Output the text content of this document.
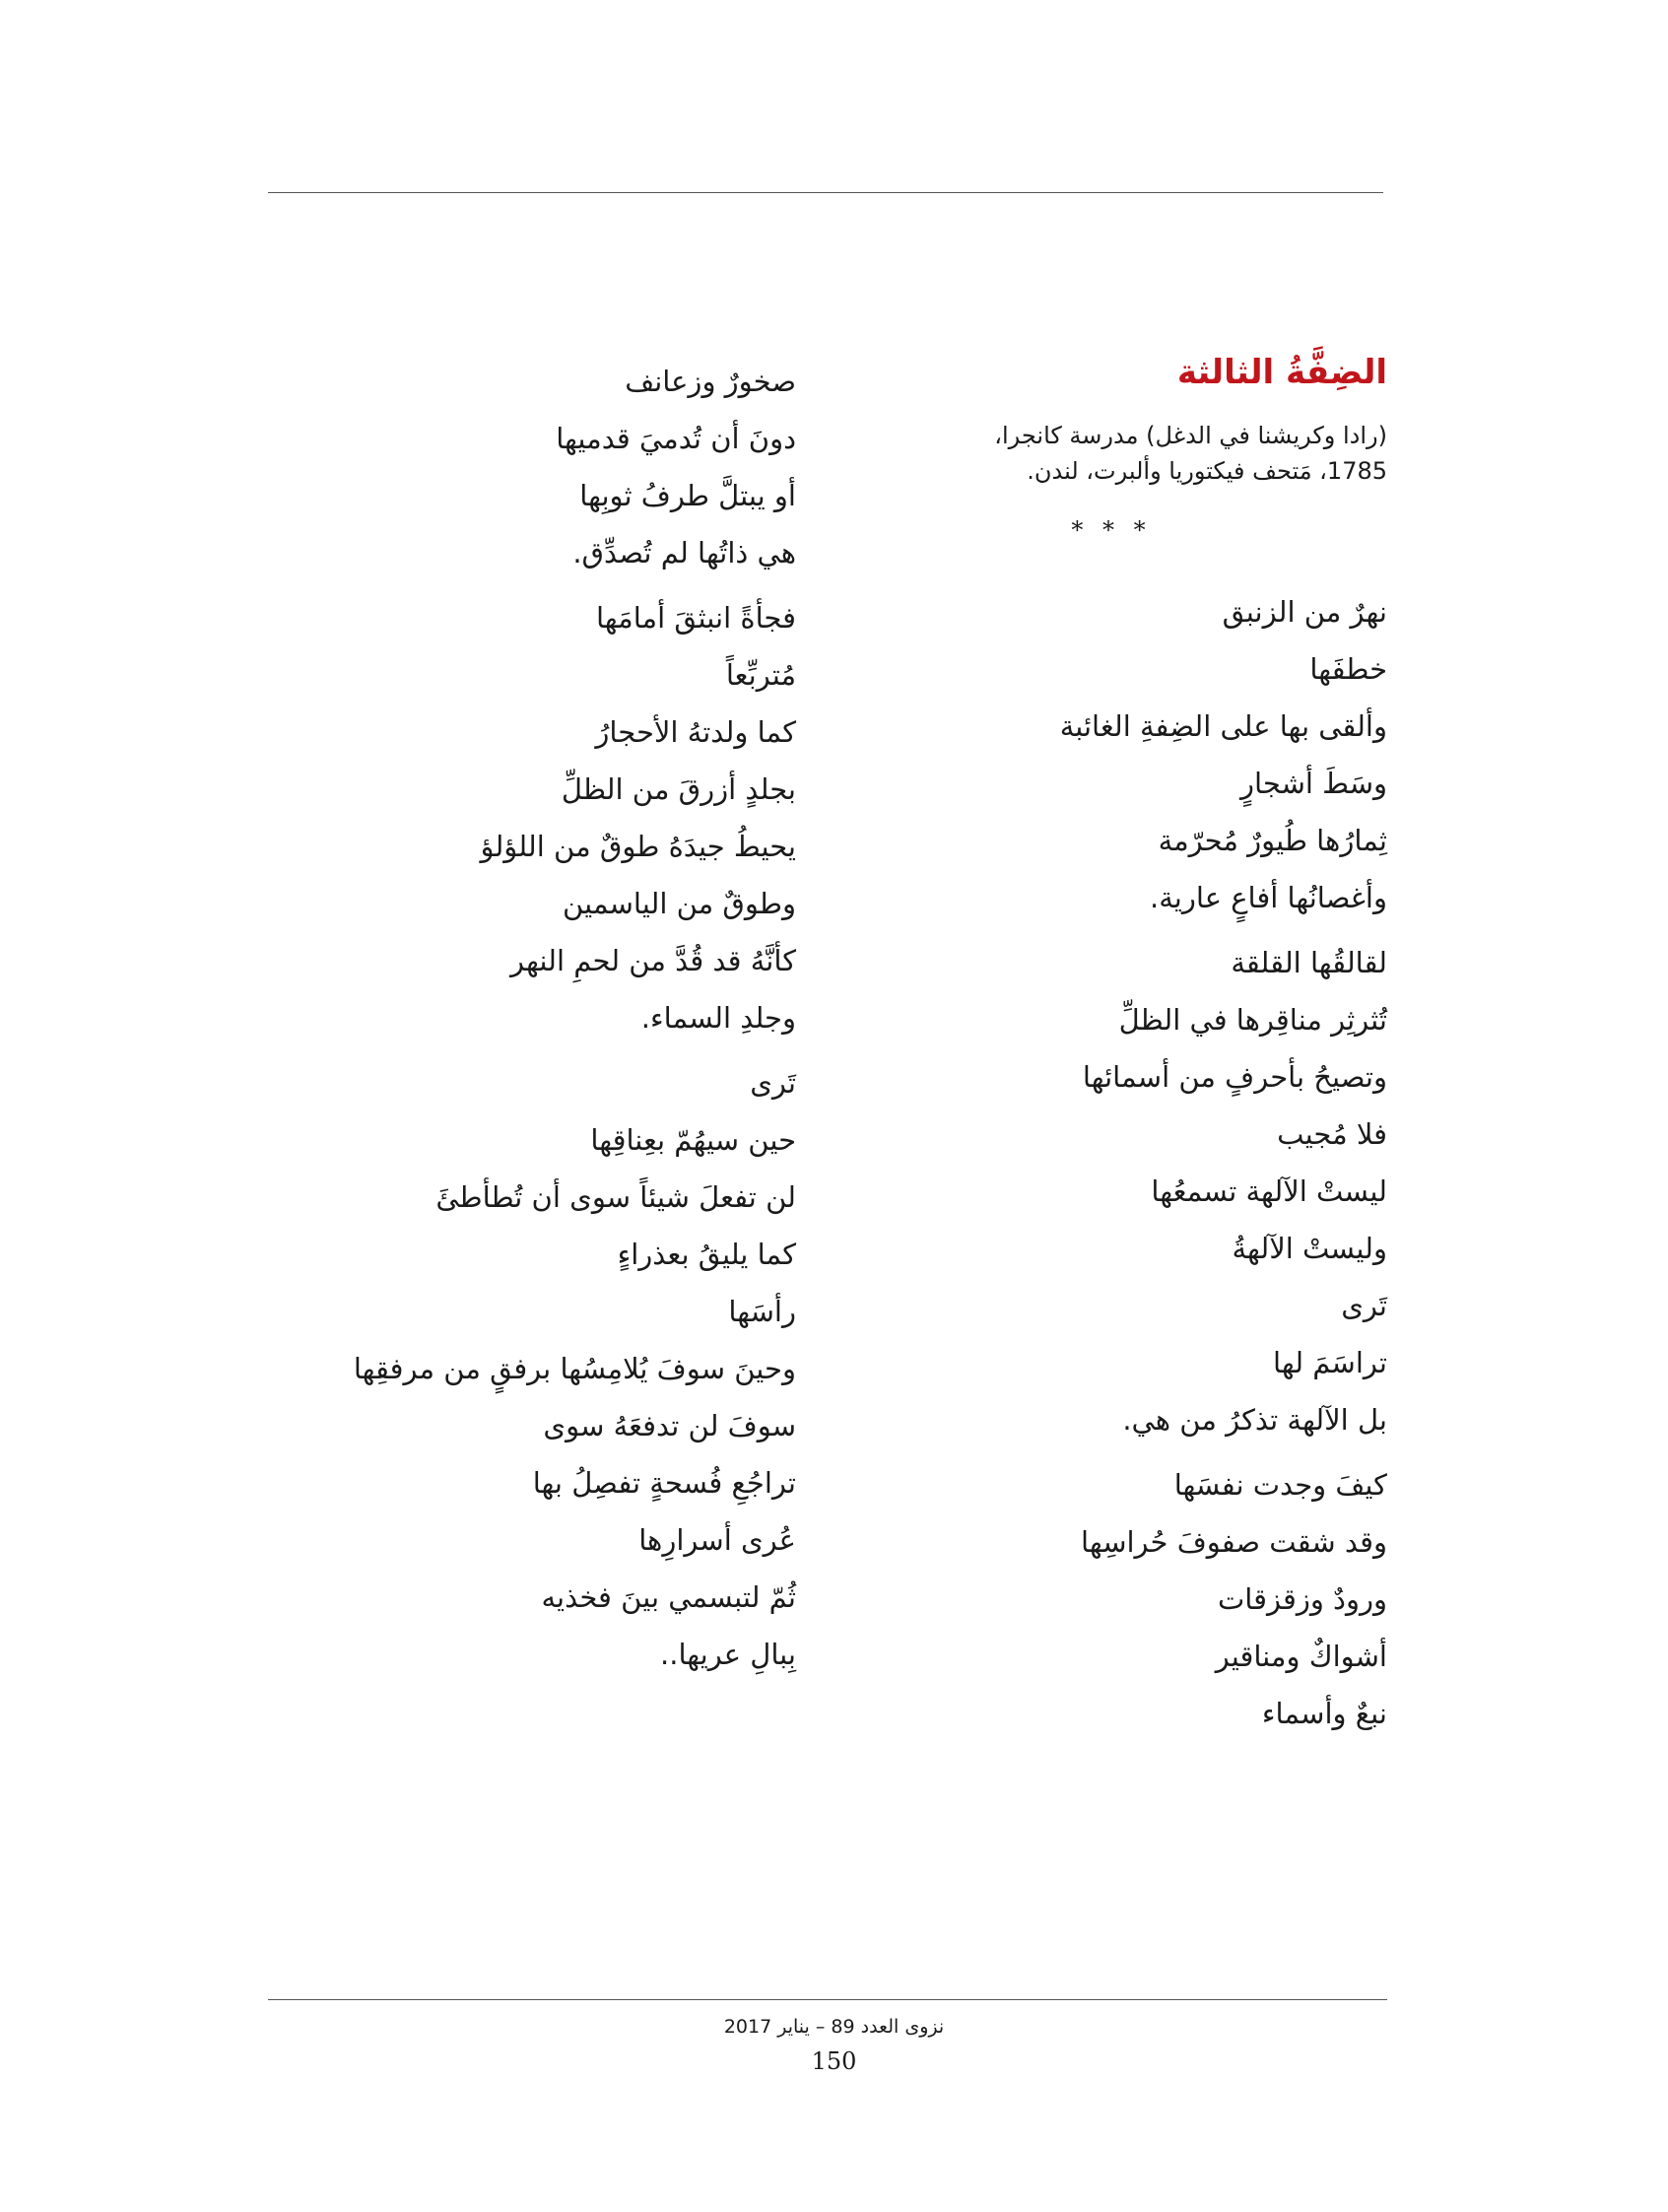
الضِفَّةُ الثالثة
(رادا وكريشنا في الدغل) مدرسة كانجرا،
1785، مَتحف فيكتوريا وألبرت، لندن.
* * *
نهرٌ من الزنبق
خطفَها
وألقى بها على الضِفةِ الغائبة
وسَطَ أشجارٍ
ثِمارُها طُيورٌ مُحرّمة
وأغصانُها أفاعٍ عارية.
لقالقُها القلقة
تُثرثِر مناقِرها في الظلِّ
وتصيحُ بأحرفٍ من أسمائها
فلا مُجيب
ليستْ الآلهة تسمعُها
وليستْ الآلهةُ
تَرى
تراسَمَ لها
بل الآلهة تذكرُ من هي.
كيفَ وجدت نفسَها
وقد شقت صفوفَ حُراسِها
ورودٌ وزقزقات
أشواكٌ ومناقير
نبعٌ وأسماء
صخورٌ وزعانف
دونَ أن تُدميَ قدميها
أو يبتلَّ طرفُ ثوبِها
هي ذاتُها لم تُصدِّق.
فجأةً انبثقَ أمامَها
مُتربِّعاً
كما ولدتهُ الأحجارُ
بجلدٍ أزرقَ من الظلِّ
يحيطُ جيدَهُ طوقٌ من اللؤلؤ
وطوقٌ من الياسمين
كأنَّهُ قد قُدَّ من لحمِ النهر
وجلدِ السماء.
تَرى
حين سيهُمّ بعِناقِها
لن تفعلَ شيئاً سوى أن تُطأطئَ
كما يليقُ بعذراءٍ
رأسَها
وحينَ سوفَ يُلامِسُها برفقٍ من مرفقِها
سوفَ لن تدفعَهُ سوى
تراجُعِ فُسحةٍ تفصِلُ بها
عُرى أسرارِها
ثُمّ لتبسمي بينَ فخذيه
بِبالِ عريها..
نزوى العدد 89 – يناير 2017
150
